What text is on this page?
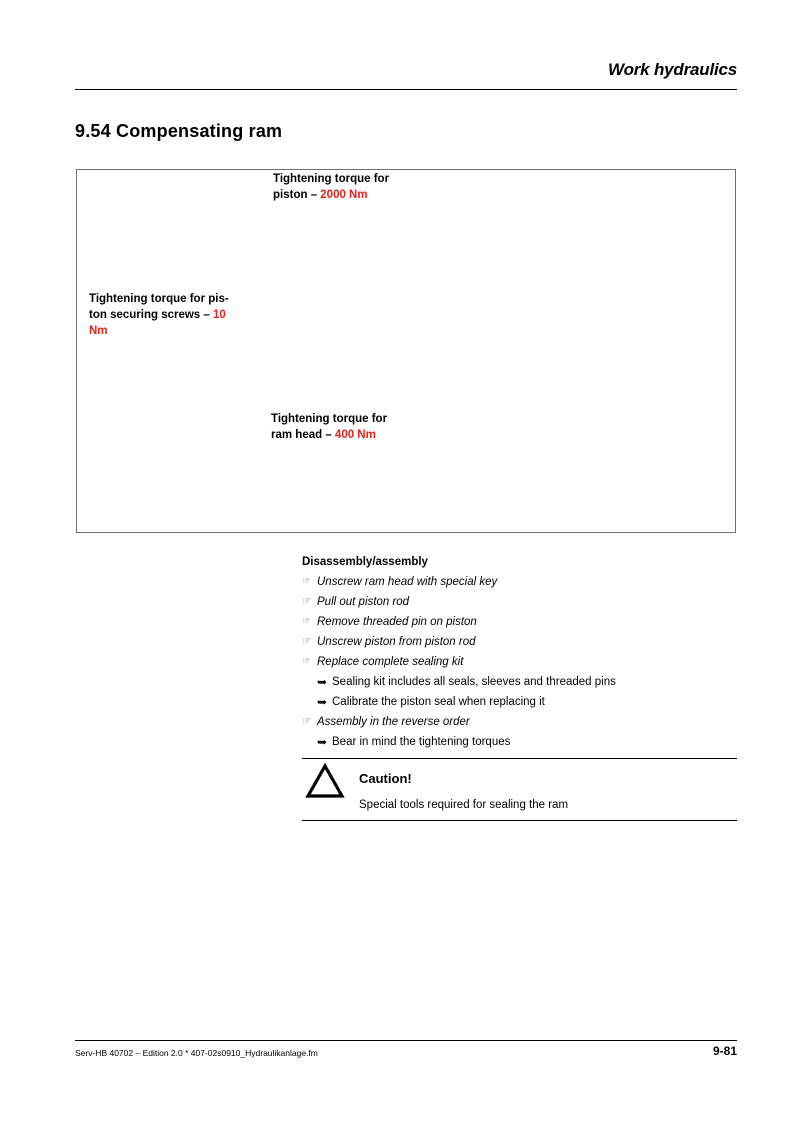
Work hydraulics
9.54 Compensating ram
Tightening torque for
piston – 2000 Nm
Tightening torque for pis-
ton securing screws – 10
Nm
Tightening torque for
ram head – 400 Nm
Disassembly/assembly
☞ Unscrew ram head with special key
☞ Pull out piston rod
☞ Remove threaded pin on piston
☞ Unscrew piston from piston rod
☞ Replace complete sealing kit
➥ Sealing kit includes all seals, sleeves and threaded pins
➥ Calibrate the piston seal when replacing it
☞ Assembly in the reverse order
➥ Bear in mind the tightening torques
Caution!
Special tools required for sealing the ram
Serv-HB 40702 – Edition 2.0 * 407-02s0910_Hydraulikanlage.fm	9-81
